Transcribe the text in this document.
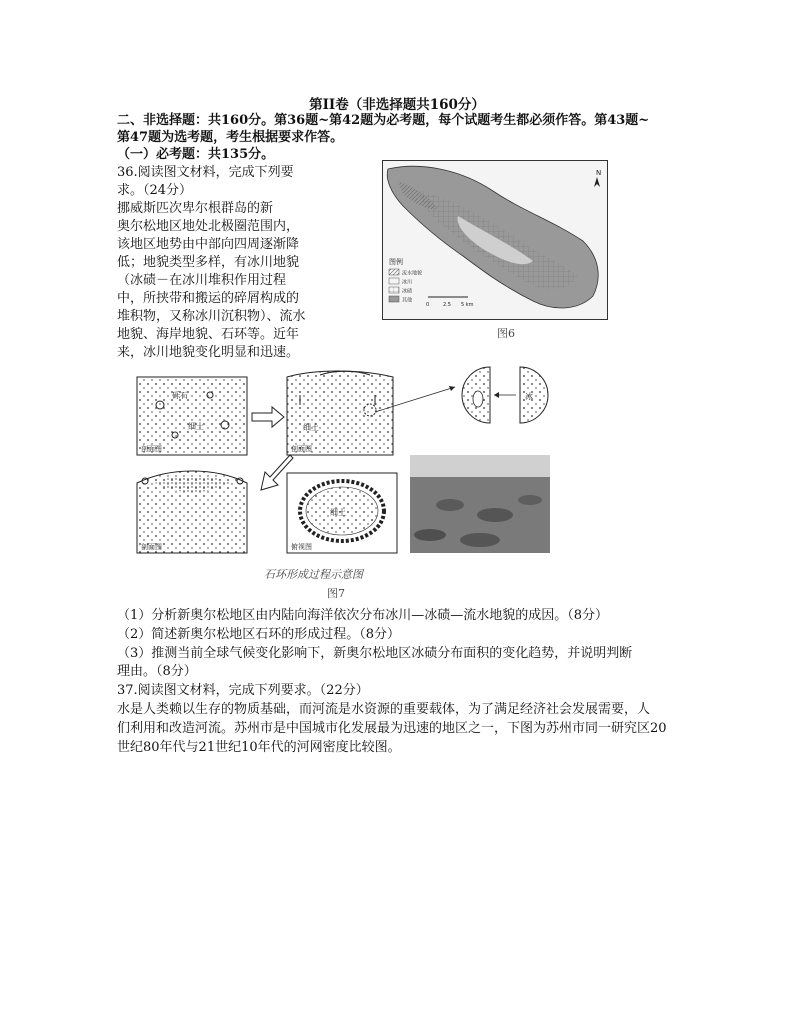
第II卷（非选择题共160分）
二、非选择题：共160分。第36题~第42题为必考题，每个试题考生都必须作答。第43题~
第47题为选考题，考生根据要求作答。
（一）必考题：共135分。
36.阅读图文材料，完成下列要
求。（24分）
挪威斯匹次卑尔根群岛的新
奥尔松地区地处北极圈范围内，
该地区地势由中部向四周逐渐降
低；地貌类型多样，有冰川地貌
（冰碛－在冰川堆积作用过程
中，所挟带和搬运的碎屑构成的
堆积物，又称冰川沉积物）、流水
地貌、海岸地貌、石环等。近年
来，冰川地貌变化明显和迅速。
N
图例
流水地貌
冰川
冰碛
其他
0	2.5 5 km
图6
砾石
细土
剖面图
细土
剖面图
冰
剖面图
细土
俯视图
石环形成过程示意图
图7
（1）分析新奥尔松地区由内陆向海洋依次分布冰川—冰碛—流水地貌的成因。（8分）
（2）简述新奥尔松地区石环的形成过程。（8分）
（3）推测当前全球气候变化影响下，新奥尔松地区冰碛分布面积的变化趋势，并说明判断
理由。（8分）
37.阅读图文材料，完成下列要求。（22分）
水是人类赖以生存的物质基础，而河流是水资源的重要载体，为了满足经济社会发展需要，人
们利用和改造河流。苏州市是中国城市化发展最为迅速的地区之一，下图为苏州市同一研究区20
世纪80年代与21世纪10年代的河网密度比较图。
